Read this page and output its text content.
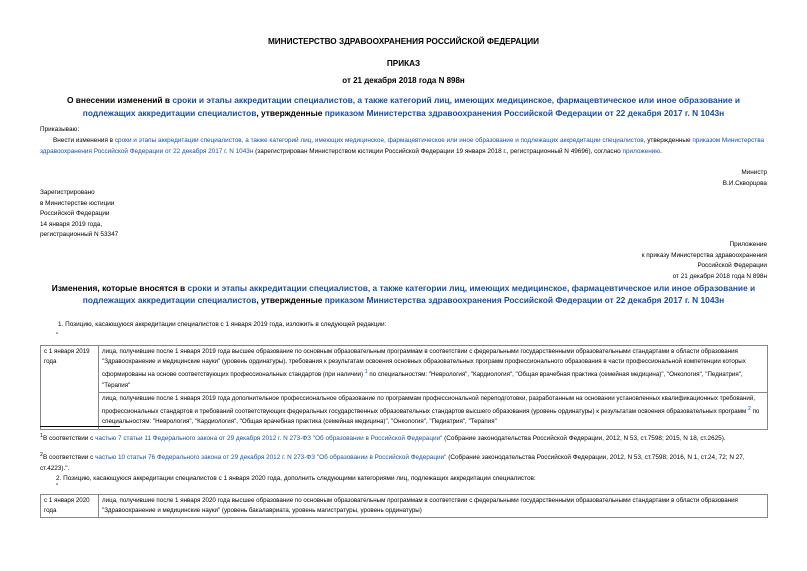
МИНИСТЕРСТВО ЗДРАВООХРАНЕНИЯ РОССИЙСКОЙ ФЕДЕРАЦИИ
ПРИКАЗ
от 21 декабря 2018 года N 898н
О внесении изменений в сроки и этапы аккредитации специалистов, а также категорий лиц, имеющих медицинское, фармацевтическое или иное образование и подлежащих аккредитации специалистов, утвержденные приказом Министерства здравоохранения Российской Федерации от 22 декабря 2017 г. N 1043н
Приказываю:
Внести изменения в сроки и этапы аккредитации специалистов, а также категорий лиц, имеющих медицинское, фармацевтическое или иное образование и подлежащих аккредитации специалистов, утвержденные приказом Министерства здравоохранения Российской Федерации от 22 декабря 2017 г. N 1043н (зарегистрирован Министерством юстиции Российской Федерации 19 января 2018 г., регистрационный N 49696), согласно приложению.
Министр
В.И.Скворцова
Зарегистрировано
в Министерстве юстиции
Российской Федерации
14 января 2019 года,
регистрационный N 53347
Приложение
к приказу Министерства здравоохранения
Российской Федерации
от 21 декабря 2018 года N 898н
Изменения, которые вносятся в сроки и этапы аккредитации специалистов, а также категории лиц, имеющих медицинское, фармацевтическое или иное образование и подлежащих аккредитации специалистов, утвержденные приказом Министерства здравоохранения Российской Федерации от 22 декабря 2017 г. N 1043н
1. Позицию, касающуюся аккредитации специалистов с 1 января 2019 года, изложить в следующей редакции:
"
с 1 января 2019 года	лица, получившие после 1 января 2019 года высшее образование по основным образовательным программам в соответствии с федеральными государственными образовательными стандартами в области образования "Здравоохранение и медицинские науки" (уровень ординатуры), требования к результатам освоения основных образовательных программ профессионального образования в части профессиональной компетенции которых сформированы на основе соответствующих профессиональных стандартов (при наличии) $^1$ по специальностям: "Неврология", "Кардиология", "Общая врачебная практика (семейная медицина)", "Онкология", "Педиатрия", "Терапия"
лица, получившие после 1 января 2019 года дополнительное профессиональное образование по программам профессиональной переподготовки, разработанным на основании установленных квалификационных требований, профессиональных стандартов и требований соответствующих федеральных государственных образовательных стандартов высшего образования (уровень ординатуры) к результатам освоения образовательных программ $^2$ по специальностям: "Неврология", "Кардиология", "Общая врачебная практика (семейная медицина)", "Онкология", "Педиатрия", "Терапия"
$^1$В соответствии с частью 7 статьи 11 Федерального закона от 29 декабря 2012 г. N 273-ФЗ "Об образовании в Российской Федерации" (Собрание законодательства Российской Федерации, 2012, N 53, ст.7598; 2015, N 18, ст.2625).
$^2$В соответствии с частью 10 статьи 76 Федерального закона от 29 декабря 2012 г. N 273-ФЗ "Об образовании в Российской Федерации" (Собрание законодательства Российской Федерации, 2012, N 53, ст.7598; 2016, N 1, ст.24, 72; N 27, ст.4223).".
2. Позицию, касающуюся аккредитации специалистов с 1 января 2020 года, дополнить следующими категориями лиц, подлежащих аккредитации специалистов:
"
с 1 января 2020 года	лица, получившие после 1 января 2020 года высшее образование по основным образовательным программам в соответствии с федеральными государственными образовательными стандартами в области образования "Здравоохранение и медицинские науки" (уровень бакалавриата, уровень магистратуры, уровень ординатуры)
